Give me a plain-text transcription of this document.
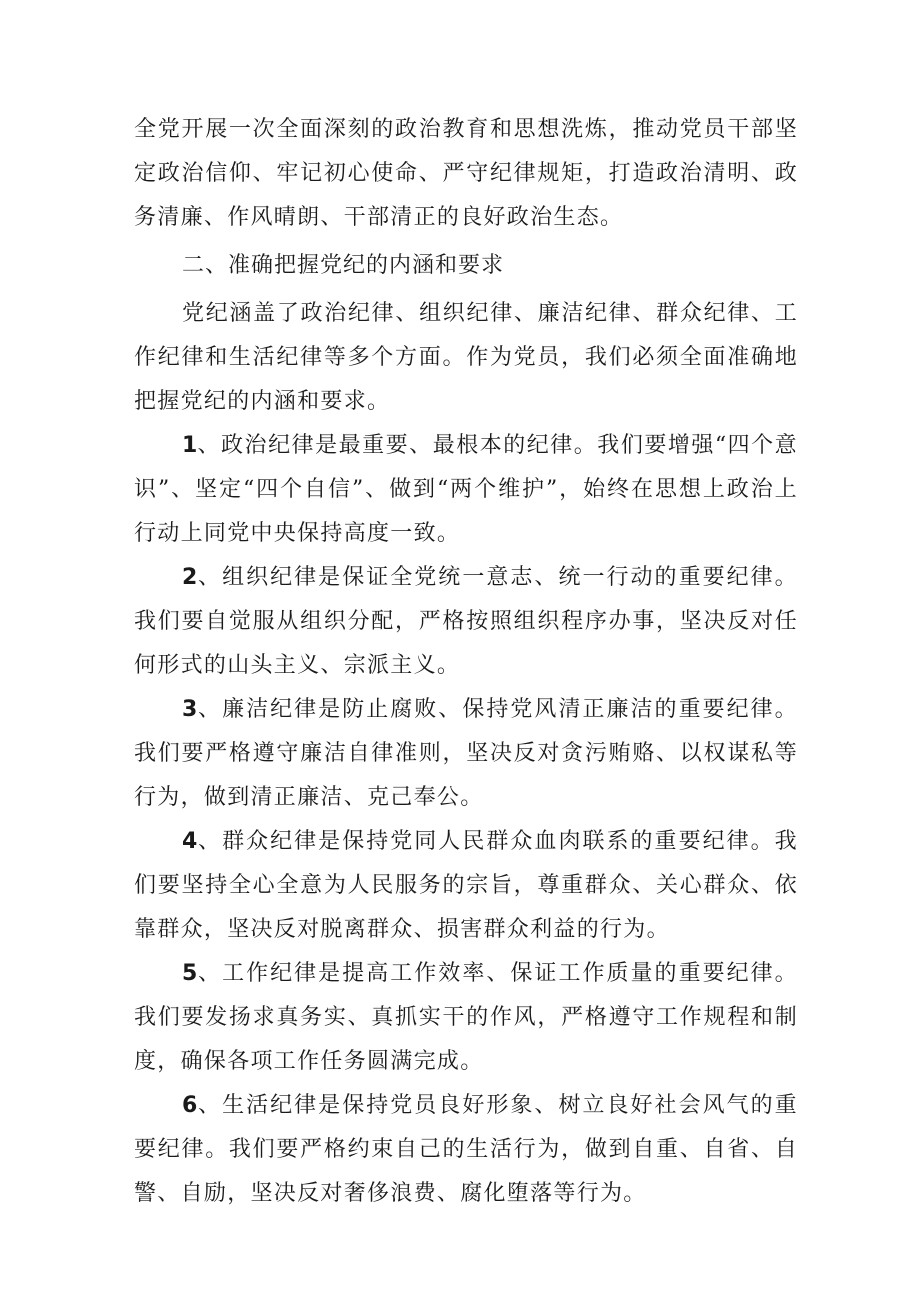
全党开展一次全面深刻的政治教育和思想洗炼，推动党员干部坚定政治信仰、牢记初心使命、严守纪律规矩，打造政治清明、政务清廉、作风晴朗、干部清正的良好政治生态。

二、准确把握党纪的内涵和要求

党纪涵盖了政治纪律、组织纪律、廉洁纪律、群众纪律、工作纪律和生活纪律等多个方面。作为党员，我们必须全面准确地把握党纪的内涵和要求。

1、政治纪律是最重要、最根本的纪律。我们要增强“四个意识”、坚定“四个自信”、做到“两个维护”，始终在思想上政治上行动上同党中央保持高度一致。

2、组织纪律是保证全党统一意志、统一行动的重要纪律。我们要自觉服从组织分配，严格按照组织程序办事，坚决反对任何形式的山头主义、宗派主义。

3、廉洁纪律是防止腐败、保持党风清正廉洁的重要纪律。我们要严格遵守廉洁自律准则，坚决反对贪污贿赂、以权谋私等行为，做到清正廉洁、克己奉公。

4、群众纪律是保持党同人民群众血肉联系的重要纪律。我们要坚持全心全意为人民服务的宗旨，尊重群众、关心群众、依靠群众，坚决反对脱离群众、损害群众利益的行为。

5、工作纪律是提高工作效率、保证工作质量的重要纪律。我们要发扬求真务实、真抓实干的作风，严格遵守工作规程和制度，确保各项工作任务圆满完成。

6、生活纪律是保持党员良好形象、树立良好社会风气的重要纪律。我们要严格约束自己的生活行为，做到自重、自省、自警、自励，坚决反对奢侈浪费、腐化堕落等行为。
